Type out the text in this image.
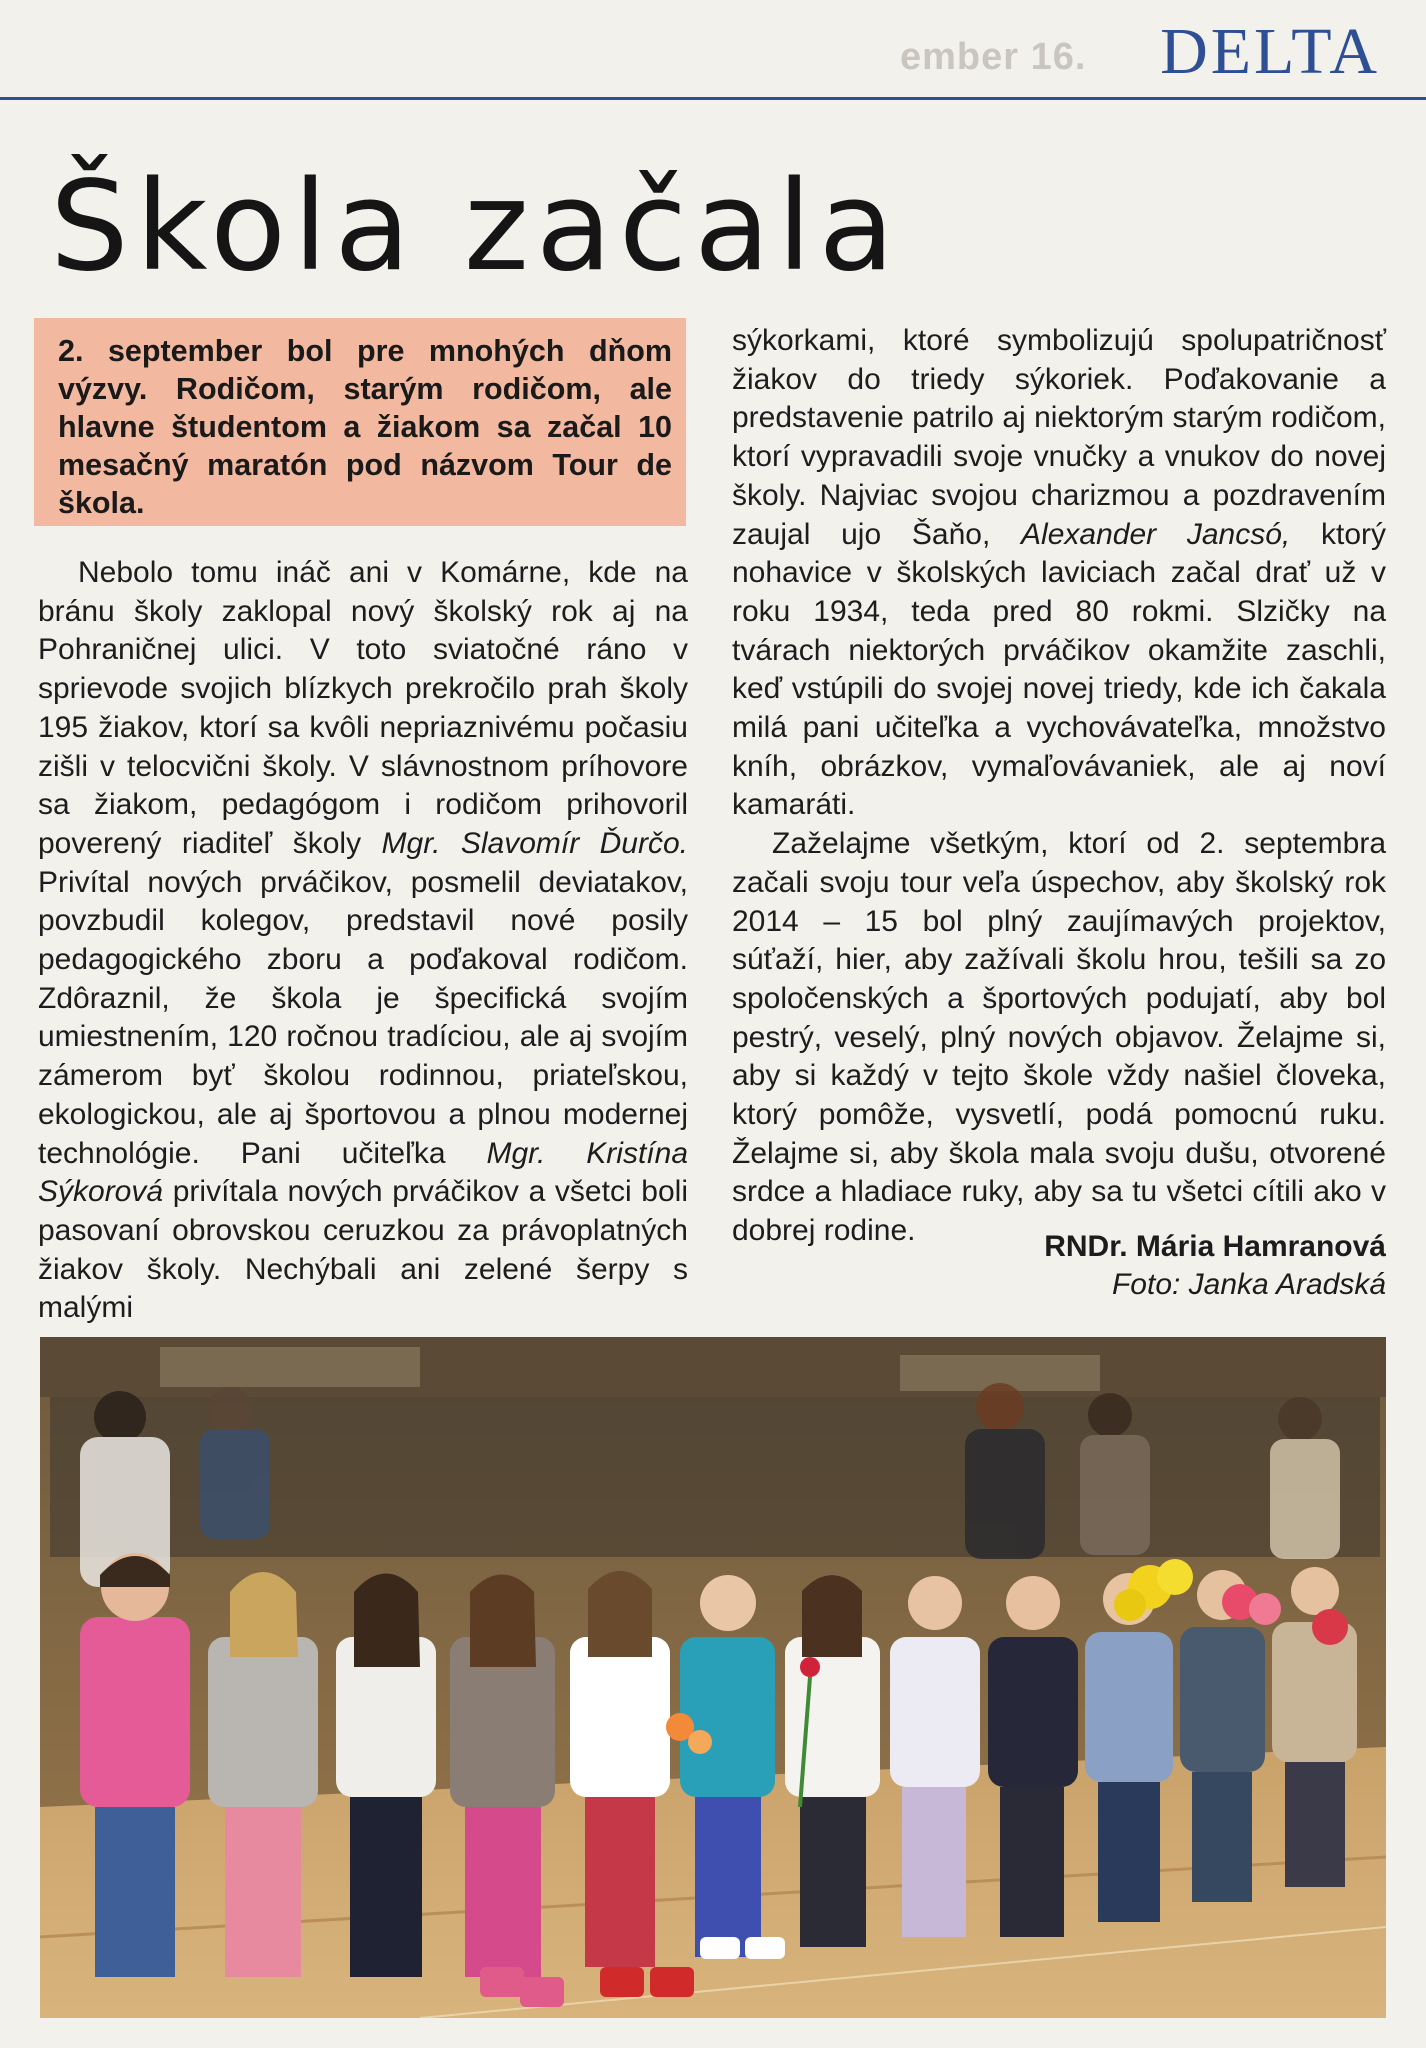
ember 16. DELTA
Škola začala
2. september bol pre mnohých dňom výzvy. Rodičom, starým rodičom, ale hlavne študentom a žiakom sa začal 10 mesačný maratón pod názvom Tour de škola.
Nebolo tomu ináč ani v Komárne, kde na bránu školy zaklopal nový školský rok aj na Pohraničnej ulici. V toto sviatočné ráno v sprievode svojich blízkych prekročilo prah školy 195 žiakov, ktorí sa kvôli nepriaznivému počasiu zišli v telocvični školy. V slávnostnom príhovore sa žiakom, pedagógom i rodičom prihovoril poverený riaditeľ školy Mgr. Slavomír Ďurčo. Privítal nových prváčikov, posmelil deviatakov, povzbudil kolegov, predstavil nové posily pedagogického zboru a poďakoval rodičom. Zdôraznil, že škola je špecifická svojím umiestnením, 120 ročnou tradíciou, ale aj svojím zámerom byť školou rodinnou, priateľskou, ekologickou, ale aj športovou a plnou modernej technológie. Pani učiteľka Mgr. Kristína Sýkorová privítala nových prváčikov a všetci boli pasovaní obrovskou ceruzkou za právoplatných žiakov školy. Nechýbali ani zelené šerpy s malými

sýkorkami, ktoré symbolizujú spolupatričnosť žiakov do triedy sýkoriek. Poďakovanie a predstavenie patrilo aj niektorým starým rodičom, ktorí vypravadili svoje vnučky a vnukov do novej školy. Najviac svojou charizmou a pozdravením zaujal ujo Šaňo, Alexander Jancsó, ktorý nohavice v školských laviciach začal drať už v roku 1934, teda pred 80 rokmi. Slzičky na tvárach niektorých prváčikov okamžite zaschli, keď vstúpili do svojej novej triedy, kde ich čakala milá pani učiteľka a vychovávateľka, množstvo kníh, obrázkov, vymaľovávaniek, ale aj noví kamaráti.

Zaželajme všetkým, ktorí od 2. septembra začali svoju tour veľa úspechov, aby školský rok 2014 – 15 bol plný zaujímavých projektov, súťaží, hier, aby zažívali školu hrou, tešili sa zo spoločenských a športových podujatí, aby bol pestrý, veselý, plný nových objavov. Želajme si, aby si každý v tejto škole vždy našiel človeka, ktorý pomôže, vysvetlí, podá pomocnú ruku. Želajme si, aby škola mala svoju dušu, otvorené srdce a hladiace ruky, aby sa tu všetci cítili ako v dobrej rodine.	RNDr. Mária Hamranová
Foto: Janka Aradská
